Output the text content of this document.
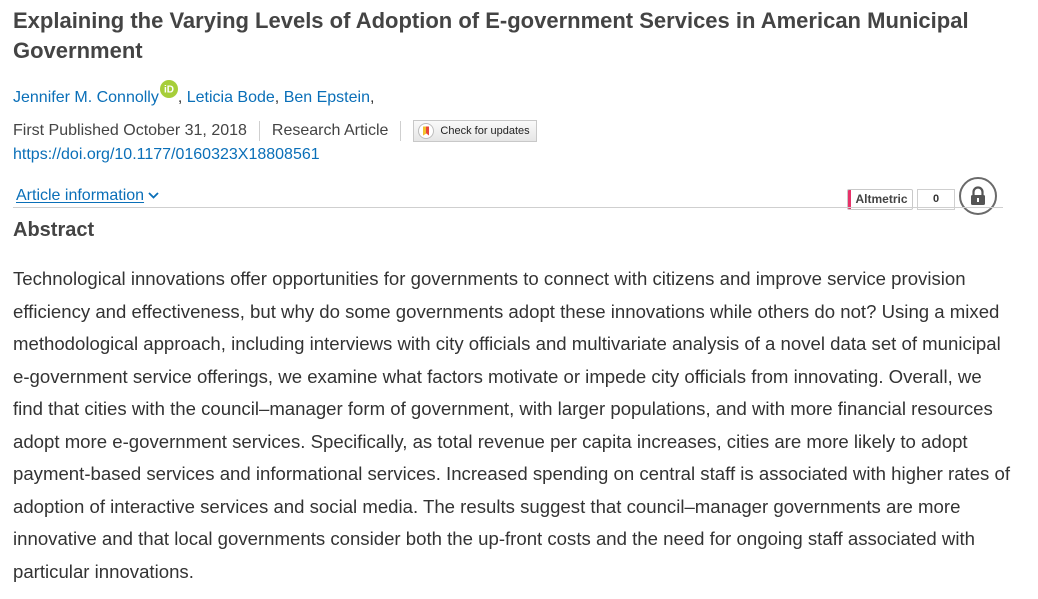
Explaining the Varying Levels of Adoption of E-government Services in American Municipal Government
Jennifer M. Connolly iD , Leticia Bode, Ben Epstein,
First Published October 31, 2018 Research Article	Check for updates
https://doi.org/10.1177/0160323X18808561
Article information	Altmetric	0
Abstract

Technological innovations offer opportunities for governments to connect with citizens and improve service provision efficiency and effectiveness, but why do some governments adopt these innovations while others do not? Using a mixed methodological approach, including interviews with city officials and multivariate analysis of a novel data set of municipal e-government service offerings, we examine what factors motivate or impede city officials from innovating. Overall, we find that cities with the council–manager form of government, with larger populations, and with more financial resources adopt more e-government services. Specifically, as total revenue per capita increases, cities are more likely to adopt payment-based services and informational services. Increased spending on central staff is associated with higher rates of adoption of interactive services and social media. The results suggest that council–manager governments are more innovative and that local governments consider both the up-front costs and the need for ongoing staff associated with particular innovations.
